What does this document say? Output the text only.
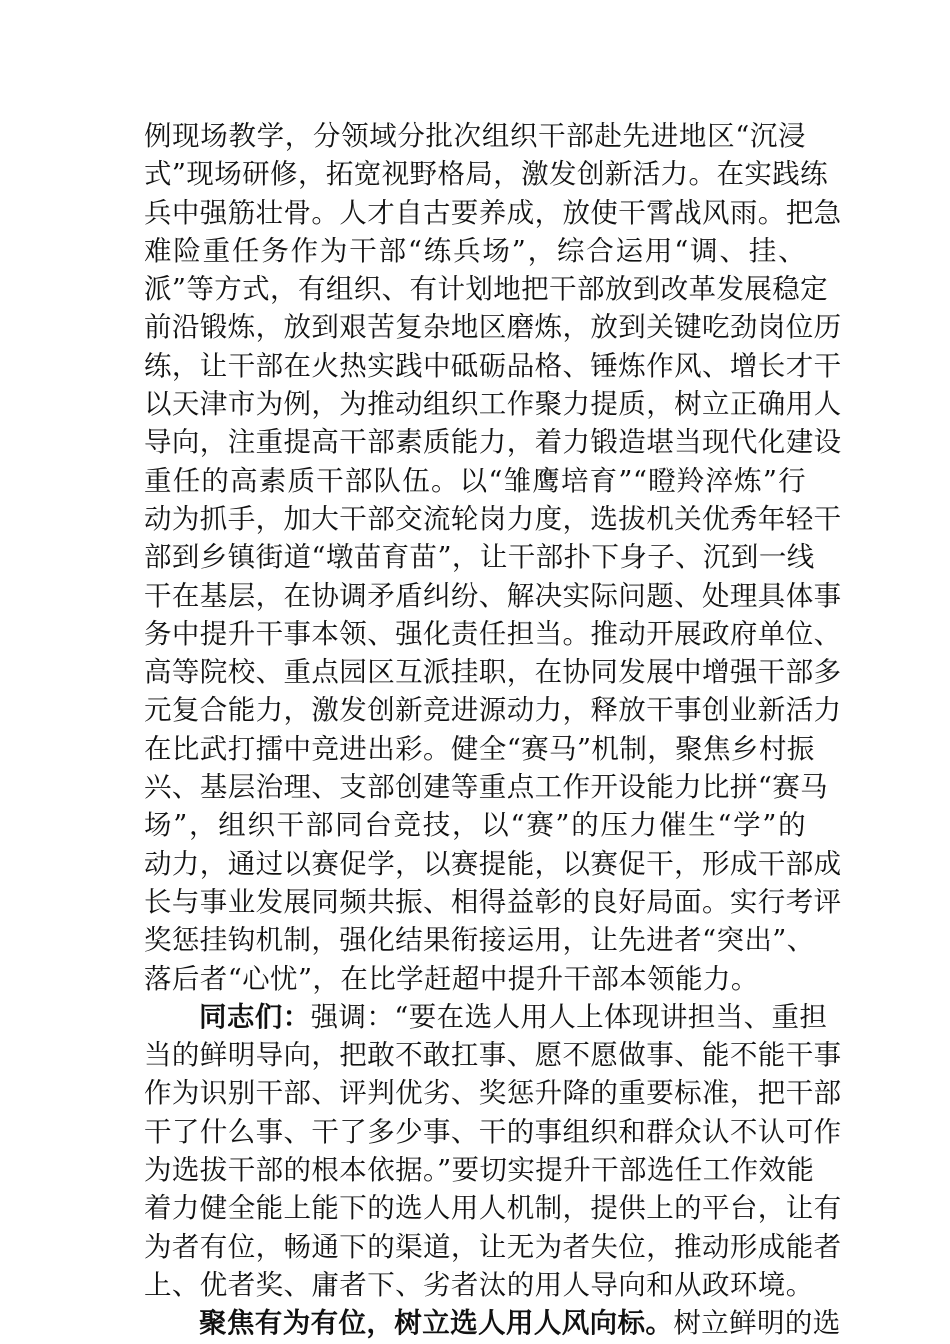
例现场教学，分领域分批次组织干部赴先进地区“沉浸
式”现场研修，拓宽视野格局，激发创新活力。在实践练
兵中强筋壮骨。人才自古要养成，放使干霄战风雨。把急
难险重任务作为干部“练兵场”，综合运用“调、挂、
派”等方式，有组织、有计划地把干部放到改革发展稳定
前沿锻炼，放到艰苦复杂地区磨炼，放到关键吃劲岗位历
练，让干部在火热实践中砥砺品格、锤炼作风、增长才干
以天津市为例，为推动组织工作聚力提质，树立正确用人
导向，注重提高干部素质能力，着力锻造堪当现代化建设
重任的高素质干部队伍。以“雏鹰培育”“瞪羚淬炼”行
动为抓手，加大干部交流轮岗力度，选拔机关优秀年轻干
部到乡镇街道“墩苗育苗”，让干部扑下身子、沉到一线
干在基层，在协调矛盾纠纷、解决实际问题、处理具体事
务中提升干事本领、强化责任担当。推动开展政府单位、
高等院校、重点园区互派挂职，在协同发展中增强干部多
元复合能力，激发创新竞进源动力，释放干事创业新活力
在比武打擂中竞进出彩。健全“赛马”机制，聚焦乡村振
兴、基层治理、支部创建等重点工作开设能力比拼“赛马
场”，组织干部同台竞技，以“赛”的压力催生“学”的
动力，通过以赛促学，以赛提能，以赛促干，形成干部成
长与事业发展同频共振、相得益彰的良好局面。实行考评
奖惩挂钩机制，强化结果衔接运用，让先进者“突出”、
落后者“心忧”，在比学赶超中提升干部本领能力。
同志们：强调：“要在选人用人上体现讲担当、重担
当的鲜明导向，把敢不敢扛事、愿不愿做事、能不能干事
作为识别干部、评判优劣、奖惩升降的重要标准，把干部
干了什么事、干了多少事、干的事组织和群众认不认可作
为选拔干部的根本依据。”要切实提升干部选任工作效能
着力健全能上能下的选人用人机制，提供上的平台，让有
为者有位，畅通下的渠道，让无为者失位，推动形成能者
上、优者奖、庸者下、劣者汰的用人导向和从政环境。
聚焦有为有位，树立选人用人风向标。树立鲜明的选
